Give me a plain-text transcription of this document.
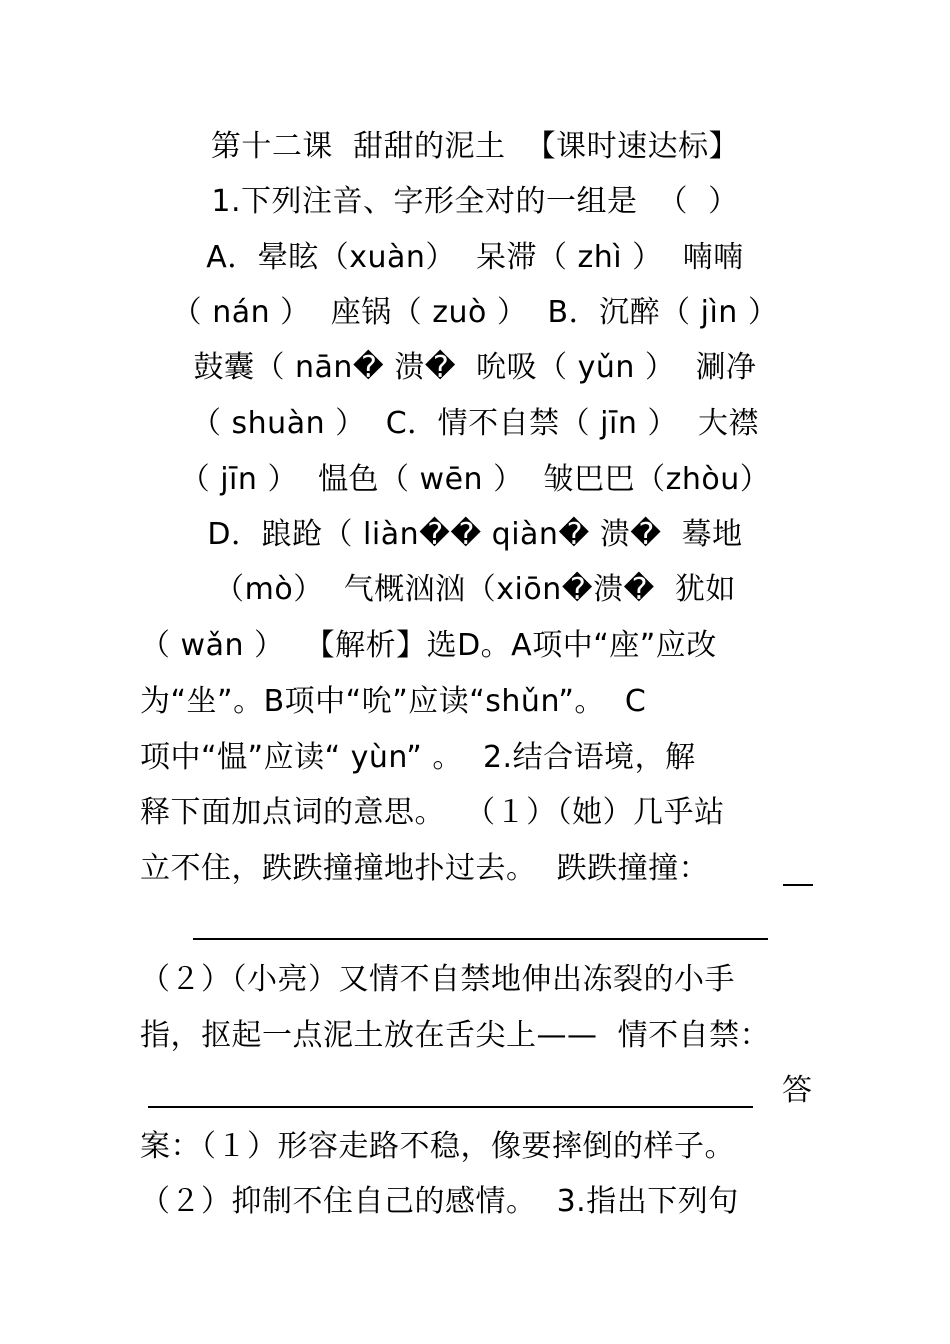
第十二课  甜甜的泥土  【课时速达标】
1.下列注音、字形全对的一组是  （  ）
A．晕眩（xuàn）  呆滞（ zhì ）  喃喃
（ nán ）  座锅（ zuò ）  B．沉醉（ jìn ）
鼓囊（ nān� 溃�  吮吸（ yǔn ）  涮净
（ shuàn ）  C．情不自禁（ jīn ）  大襟
（ jīn ）  愠色（ wēn ）  皱巴巴（zhòu）
D．踉跄（ liàn�� qiàn� 溃�  蓦地
（mò）  气概汹汹（xiōn�溃�  犹如
（ wǎn ）  【解析】选D。A项中“座”应改
为“坐”。B项中“吮”应读“shǔn”。  C
项中“愠”应读“ yùn” 。  2.结合语境，解
释下面加点词的意思。  （１）（她）几乎站
立不住，跌跌撞撞地扑过去。  跌跌撞撞：
（２）（小亮）又情不自禁地伸出冻裂的小手
指，抠起一点泥土放在舌尖上——  情不自禁：
答
案：（１）形容走路不稳，像要摔倒的样子。
（２）抑制不住自己的感情。  3.指出下列句
